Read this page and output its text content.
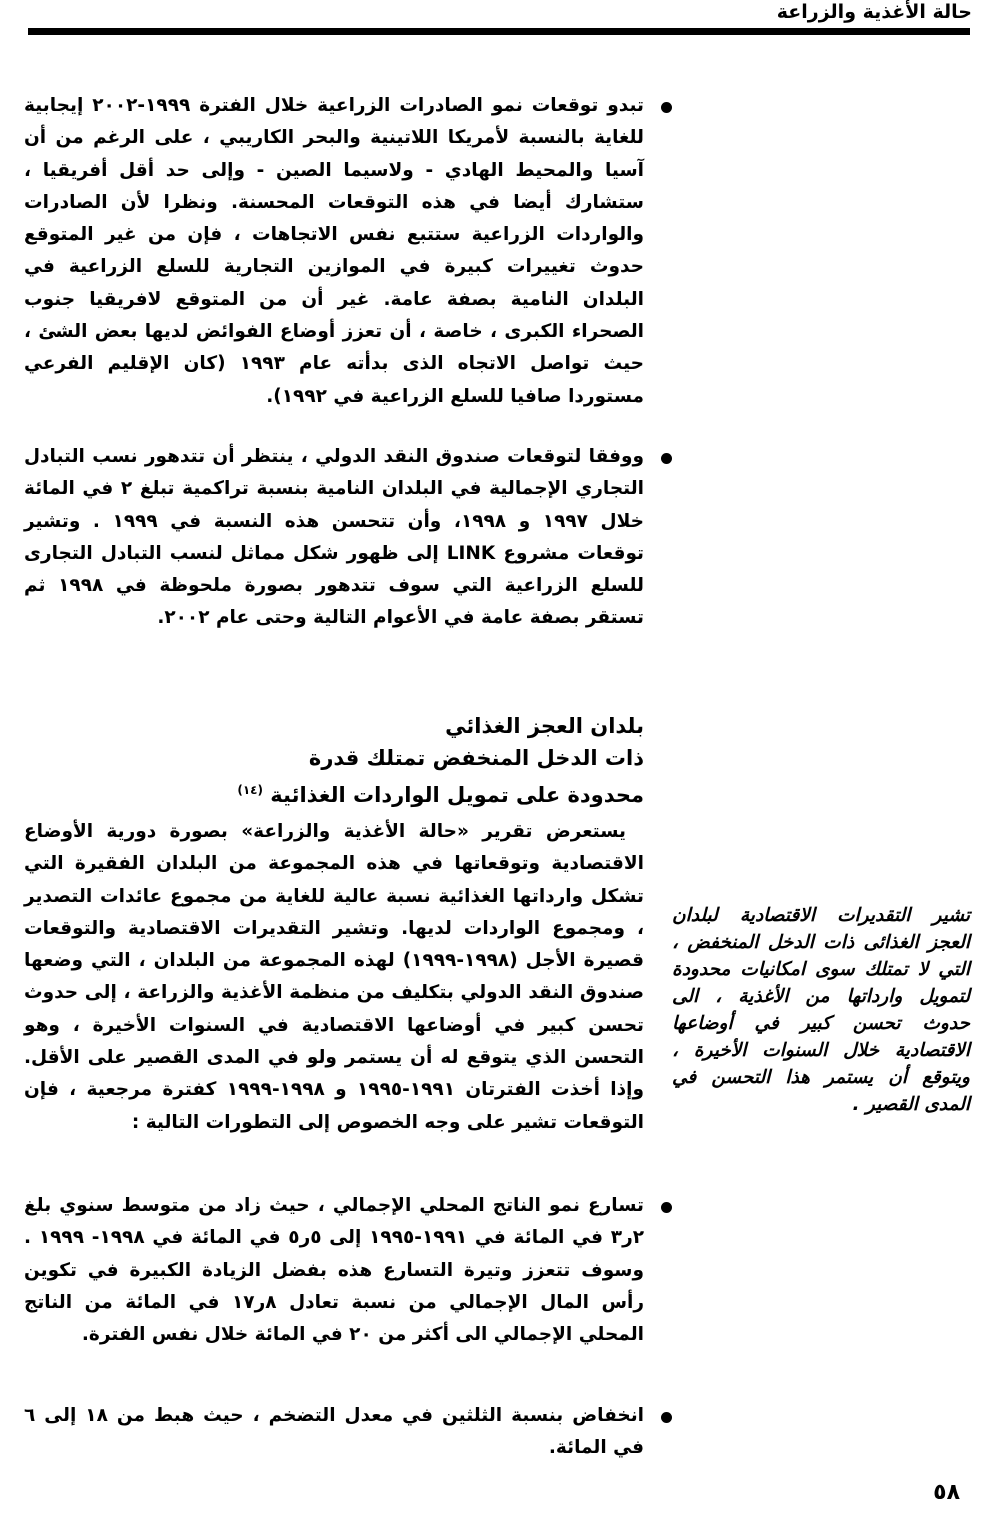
حالة الأغذية والزراعة

تبدو توقعات نمو الصادرات الزراعية خلال الفترة ١٩٩٩-٢٠٠٢ إيجابية للغاية بالنسبة لأمريكا اللاتينية والبحر الكاريبي ، على الرغم من أن آسيا والمحيط الهادي - ولاسيما الصين - وإلى حد أقل أفريقيا ، ستشارك أيضا في هذه التوقعات المحسنة. ونظرا لأن الصادرات والواردات الزراعية ستتبع نفس الاتجاهات ، فإن من غير المتوقع حدوث تغييرات كبيرة في الموازين التجارية للسلع الزراعية في البلدان النامية بصفة عامة. غير أن من المتوقع لافريقيا جنوب الصحراء الكبرى ، خاصة ، أن تعزز أوضاع الفوائض لديها بعض الشئ ، حيث تواصل الاتجاه الذى بدأته عام ١٩٩٣ (كان الإقليم الفرعي مستوردا صافيا للسلع الزراعية في ١٩٩٢).

ووفقا لتوقعات صندوق النقد الدولي ، ينتظر أن تتدهور نسب التبادل التجاري الإجمالية في البلدان النامية بنسبة تراكمية تبلغ ٢ في المائة خلال ١٩٩٧ و ١٩٩٨، وأن تتحسن هذه النسبة في ١٩٩٩ . وتشير توقعات مشروع LINK إلى ظهور شكل مماثل لنسب التبادل التجارى للسلع الزراعية التي سوف تتدهور بصورة ملحوظة في ١٩٩٨ ثم تستقر بصفة عامة في الأعوام التالية وحتى عام ٢٠٠٢.

بلدان العجز الغذائي
ذات الدخل المنخفض تمتلك قدرة
محدودة على تمويل الواردات الغذائية $^{(١٤)}$

يستعرض تقرير «حالة الأغذية والزراعة» بصورة دورية الأوضاع الاقتصادية وتوقعاتها في هذه المجموعة من البلدان الفقيرة التي تشكل وارداتها الغذائية نسبة عالية للغاية من مجموع عائدات التصدير ، ومجموع الواردات لديها. وتشير التقديرات الاقتصادية والتوقعات قصيرة الأجل (١٩٩٨-١٩٩٩) لهذه المجموعة من البلدان ، التي وضعها صندوق النقد الدولي بتكليف من منظمة الأغذية والزراعة ، إلى حدوث تحسن كبير في أوضاعها الاقتصادية في السنوات الأخيرة ، وهو التحسن الذي يتوقع له أن يستمر ولو في المدى القصير على الأقل. وإذا أخذت الفترتان ١٩٩١-١٩٩٥ و ١٩٩٨-١٩٩٩ كفترة مرجعية ، فإن التوقعات تشير على وجه الخصوص إلى التطورات التالية :

تسارع نمو الناتج المحلي الإجمالي ، حيث زاد من متوسط سنوي بلغ ٢ر٣ في المائة في ١٩٩١-١٩٩٥ إلى ٥ر٥ في المائة في ١٩٩٨- ١٩٩٩ . وسوف تتعزز وتيرة التسارع هذه بفضل الزيادة الكبيرة في تكوين رأس المال الإجمالي من نسبة تعادل ٨ر١٧ في المائة من الناتج المحلي الإجمالي الى أكثر من ٢٠ في المائة خلال نفس الفترة.

انخفاض بنسبة الثلثين في معدل التضخم ، حيث هبط من ١٨ إلى ٦ في المائة.

تشير التقديرات الاقتصادية لبلدان العجز الغذائى ذات الدخل المنخفض ، التي لا تمتلك سوى امكانيات محدودة لتمويل وارداتها من الأغذية ، الى حدوث تحسن كبير في أوضاعها الاقتصادية خلال السنوات الأخيرة ، ويتوقع أن يستمر هذا التحسن في المدى القصير .

٥٨
